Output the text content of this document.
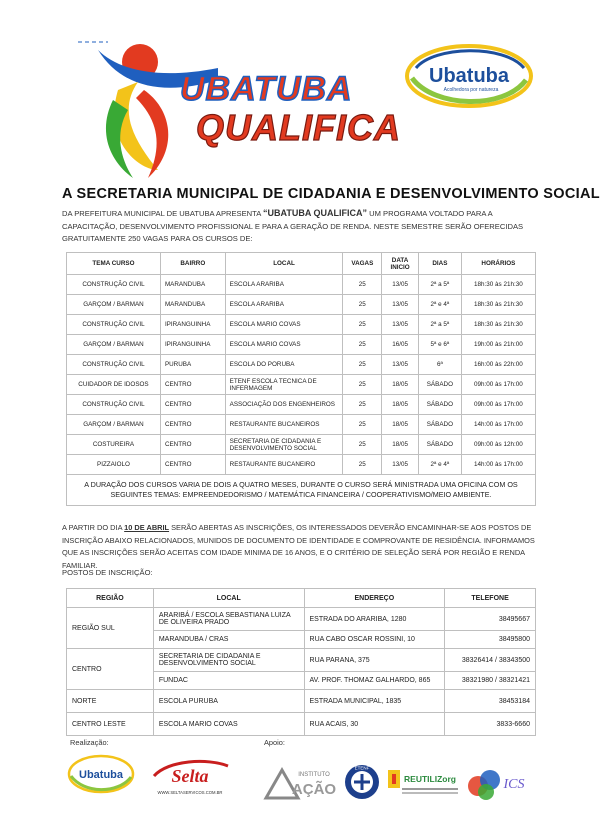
UBATUBA
QUALIFICA
Ubatuba
Acolhedora por natureza
A SECRETARIA MUNICIPAL DE CIDADANIA E DESENVOLVIMENTO SOCIAL
DA PREFEITURA MUNICIPAL DE UBATUBA APRESENTA “UBATUBA QUALIFICA” UM PROGRAMA VOLTADO PARA A CAPACITAÇÃO, DESENVOLVIMENTO PROFISSIONAL E PARA A GERAÇÃO DE RENDA. NESTE SEMESTRE SERÃO OFERECIDAS GRATUITAMENTE 250 VAGAS PARA OS CURSOS DE:
TEMA CURSO	BAIRRO	LOCAL	VAGAS	DATA INICIO	DIAS	HORÁRIOS
CONSTRUÇÃO CIVIL	MARANDUBA	ESCOLA ARARIBA	25	13/05	2ª a 5ª	18h:30 às 21h:30
GARÇOM / BARMAN	MARANDUBA	ESCOLA ARARIBA	25	13/05	2ª e 4ª	18h:30 às 21h:30
CONSTRUÇÃO CIVIL	IPIRANGUINHA	ESCOLA MARIO COVAS	25	13/05	2ª a 5ª	18h:30 às 21h:30
GARÇOM / BARMAN	IPIRANGUINHA	ESCOLA MARIO COVAS	25	16/05	5ª e 6ª	19h:00 às 21h:00
CONSTRUÇÃO CIVIL	PURUBA	ESCOLA DO PORUBA	25	13/05	6ª	16h:00 às 22h:00
CUIDADOR DE IDOSOS	CENTRO	ETENF ESCOLA TECNICA DE INFERMAGEM	25	18/05	SÁBADO	09h:00 às 17h:00
CONSTRUÇÃO CIVIL	CENTRO	ASSOCIAÇÃO DOS ENGENHEIROS	25	18/05	SÁBADO	09h:00 às 17h:00
GARÇOM / BARMAN	CENTRO	RESTAURANTE BUCANEIROS	25	18/05	SÁBADO	14h:00 às 17h:00
COSTUREIRA	CENTRO	SECRETARIA DE CIDADANIA E DESENVOLVIMENTO SOCIAL	25	18/05	SÁBADO	09h:00 às 12h:00
PIZZAIOLO	CENTRO	RESTAURANTE BUCANEIRO	25	13/05	2ª e 4ª	14h:00 às 17h:00
A DURAÇÃO DOS CURSOS VARIA DE DOIS A QUATRO MESES, DURANTE O CURSO SERÁ MINISTRADA UMA OFICINA COM OS SEGUINTES TEMAS: EMPREENDEDORISMO / MATEMÁTICA FINANCEIRA / COOPERATIVISMO/MEIO AMBIENTE.						
A PARTIR DO DIA 10 DE ABRIL SERÃO ABERTAS AS INSCRIÇÕES, OS INTERESSADOS DEVERÃO ENCAMINHAR-SE AOS POSTOS DE INSCRIÇÃO ABAIXO RELACIONADOS, MUNIDOS DE DOCUMENTO DE IDENTIDADE E COMPROVANTE DE RESIDÊNCIA. INFORMAMOS QUE AS INSCRIÇÕES SERÃO ACEITAS COM IDADE MINIMA DE 16 ANOS, E O CRITÉRIO DE SELEÇÃO SERÁ POR REGIÃO E RENDA FAMILIAR.
POSTOS DE INSCRIÇÃO:
REGIÃO	LOCAL	ENDEREÇO	TELEFONE
REGIÃO SUL	ARARIBÁ / ESCOLA SEBASTIANA LUIZA DE OLIVEIRA PRADO	ESTRADA DO ARARIBA, 1280	38495667
	MARANDUBA / CRAS	RUA CABO OSCAR ROSSINI, 10	38495800
CENTRO	SECRETARIA DE CIDADANIA E DESENVOLVIMENTO SOCIAL	RUA PARANA, 375	38326414 / 38343500
	FUNDAC	AV. PROF. THOMAZ GALHARDO, 865	38321980 / 38321421
NORTE	ESCOLA PURUBA	ESTRADA MUNICIPAL, 1835	38453184
CENTRO LESTE	ESCOLA MARIO COVAS	RUA ACAIS, 30	3833-6660
Realização:	Apoio:
Ubatuba	Selta
WWW.SELTASERVICOS.COM.BR
INSTITUTO
AÇÃO
ETENF
REUTILIZorg	ICS
